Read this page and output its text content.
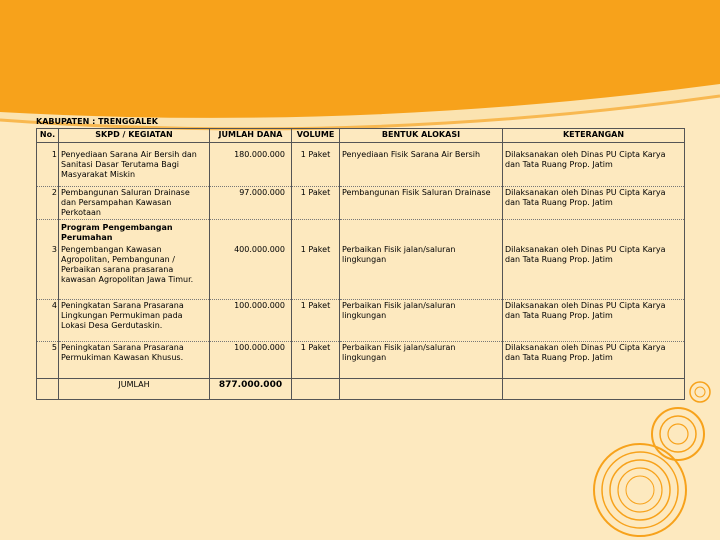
KABUPATEN : TRENGGALEK
No.	SKPD / KEGIATAN	JUMLAH DANA	VOLUME	BENTUK ALOKASI	KETERANGAN

1	Penyediaan Sarana Air Bersih dan Sanitasi Dasar Terutama Bagi Masyarakat Miskin	180.000.000	1 Paket	Penyediaan Fisik Sarana Air Bersih	Dilaksanakan oleh Dinas PU Cipta Karya dan Tata Ruang Prop. Jatim
2	Pembangunan Saluran Drainase dan Persampahan Kawasan Perkotaan	97.000.000	1 Paket	Pembangunan Fisik Saluran Drainase	Dilaksanakan oleh Dinas PU Cipta Karya dan Tata Ruang Prop. Jatim
	Program Pengembangan Perumahan				
3	Pengembangan Kawasan Agropolitan, Pembangunan / Perbaikan sarana prasarana kawasan Agropolitan Jawa Timur.	400.000.000	1 Paket	Perbaikan Fisik jalan/saluran lingkungan	Dilaksanakan oleh Dinas PU Cipta Karya dan Tata Ruang Prop. Jatim
4	Peningkatan Sarana Prasarana Lingkungan Permukiman pada Lokasi Desa Gerdutaskin.	100.000.000	1 Paket	Perbaikan Fisik jalan/saluran lingkungan	Dilaksanakan oleh Dinas PU Cipta Karya dan Tata Ruang Prop. Jatim
5	Peningkatan Sarana Prasarana Permukiman Kawasan Khusus.	100.000.000	1 Paket	Perbaikan Fisik jalan/saluran lingkungan	Dilaksanakan oleh Dinas PU Cipta Karya dan Tata Ruang Prop. Jatim
	JUMLAH	877.000.000			
